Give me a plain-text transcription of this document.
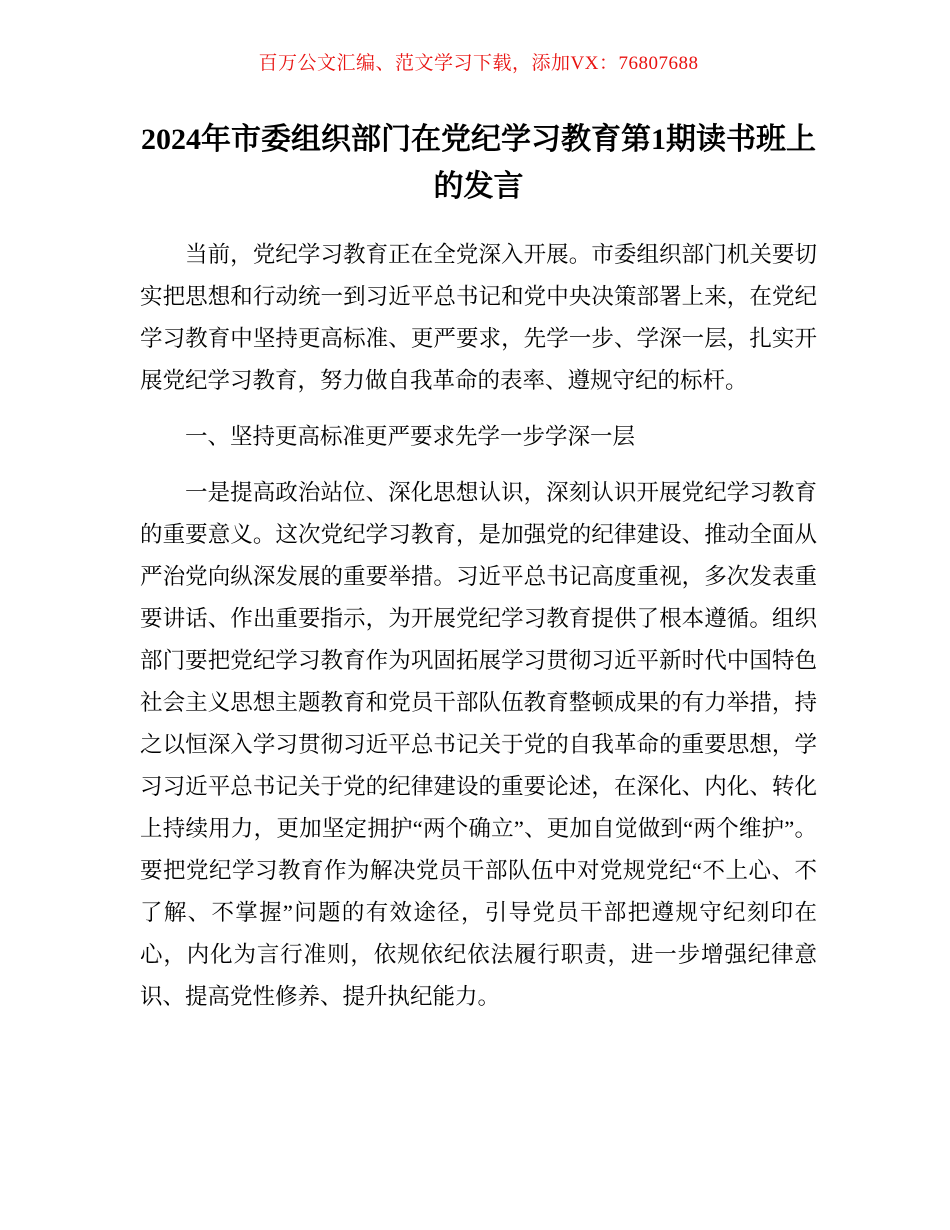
百万公文汇编、范文学习下载，添加VX：76807688
2024年市委组织部门在党纪学习教育第1期读书班上的发言

当前，党纪学习教育正在全党深入开展。市委组织部门机关要切实把思想和行动统一到习近平总书记和党中央决策部署上来，在党纪学习教育中坚持更高标准、更严要求，先学一步、学深一层，扎实开展党纪学习教育，努力做自我革命的表率、遵规守纪的标杆。

一、坚持更高标准更严要求先学一步学深一层

一是提高政治站位、深化思想认识，深刻认识开展党纪学习教育的重要意义。这次党纪学习教育，是加强党的纪律建设、推动全面从严治党向纵深发展的重要举措。习近平总书记高度重视，多次发表重要讲话、作出重要指示，为开展党纪学习教育提供了根本遵循。组织部门要把党纪学习教育作为巩固拓展学习贯彻习近平新时代中国特色社会主义思想主题教育和党员干部队伍教育整顿成果的有力举措，持之以恒深入学习贯彻习近平总书记关于党的自我革命的重要思想，学习习近平总书记关于党的纪律建设的重要论述，在深化、内化、转化上持续用力，更加坚定拥护“两个确立”、更加自觉做到“两个维护”。要把党纪学习教育作为解决党员干部队伍中对党规党纪“不上心、不了解、不掌握”问题的有效途径，引导党员干部把遵规守纪刻印在心，内化为言行准则，依规依纪依法履行职责，进一步增强纪律意识、提高党性修养、提升执纪能力。
